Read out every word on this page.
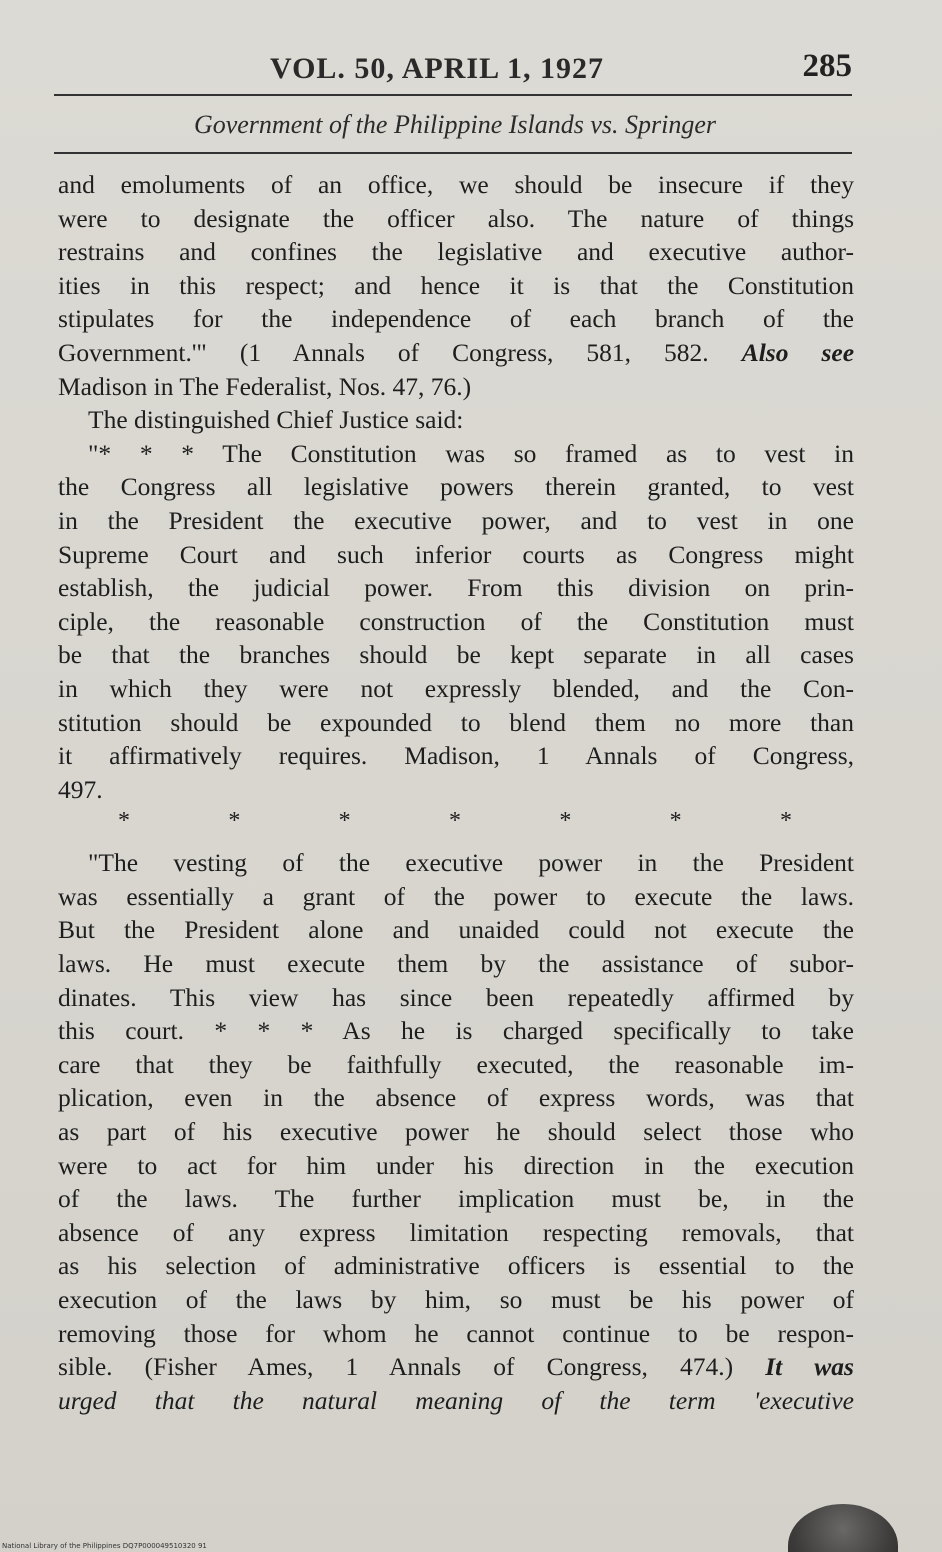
VOL. 50, APRIL 1, 1927	285
Government of the Philippine Islands vs. Springer
and emoluments of an office, we should be insecure if they
were to designate the officer also. The nature of things
restrains and confines the legislative and executive author-
ities in this respect; and hence it is that the Constitution
stipulates for the independence of each branch of the
Government.'" (1 Annals of Congress, 581, 582. Also see
Madison in The Federalist, Nos. 47, 76.)
The distinguished Chief Justice said:
"* * * The Constitution was so framed as to vest in
the Congress all legislative powers therein granted, to vest
in the President the executive power, and to vest in one
Supreme Court and such inferior courts as Congress might
establish, the judicial power. From this division on prin-
ciple, the reasonable construction of the Constitution must
be that the branches should be kept separate in all cases
in which they were not expressly blended, and the Con-
stitution should be expounded to blend them no more than
it affirmatively requires. Madison, 1 Annals of Congress,
497.
*	*	*	*	*	*	*
"The vesting of the executive power in the President
was essentially a grant of the power to execute the laws.
But the President alone and unaided could not execute the
laws. He must execute them by the assistance of subor-
dinates. This view has since been repeatedly affirmed by
this court. * * * As he is charged specifically to take
care that they be faithfully executed, the reasonable im-
plication, even in the absence of express words, was that
as part of his executive power he should select those who
were to act for him under his direction in the execution
of the laws. The further implication must be, in the
absence of any express limitation respecting removals, that
as his selection of administrative officers is essential to the
execution of the laws by him, so must be his power of
removing those for whom he cannot continue to be respon-
sible. (Fisher Ames, 1 Annals of Congress, 474.) It was
urged that the natural meaning of the term 'executive
National Library of the Philippines DQ7P000049510320 91
